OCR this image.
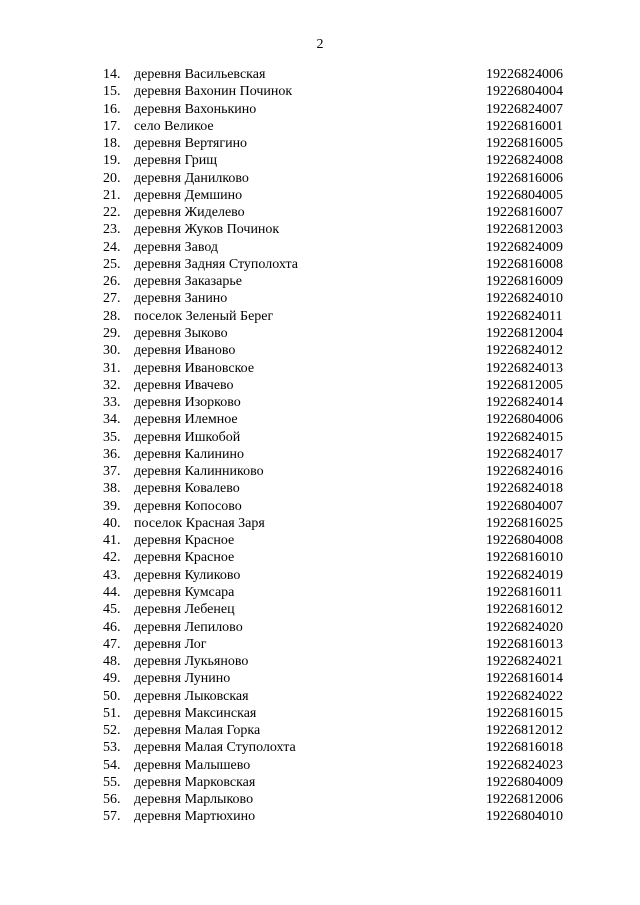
2
14. деревня Васильевская	19226824006
15. деревня Вахонин Починок	19226804004
16. деревня Вахонькино	19226824007
17. село Великое	19226816001
18. деревня Вертягино	19226816005
19. деревня Грищ	19226824008
20. деревня Данилково	19226816006
21. деревня Демшино	19226804005
22. деревня Жиделево	19226816007
23. деревня Жуков Починок	19226812003
24. деревня Завод	19226824009
25. деревня Задняя Ступолохта	19226816008
26. деревня Заказарье	19226816009
27. деревня Занино	19226824010
28. поселок Зеленый Берег	19226824011
29. деревня Зыково	19226812004
30. деревня Иваново	19226824012
31. деревня Ивановское	19226824013
32. деревня Ивачево	19226812005
33. деревня Изорково	19226824014
34. деревня Илемное	19226804006
35. деревня Ишкобой	19226824015
36. деревня Калинино	19226824017
37. деревня Калинниково	19226824016
38. деревня Ковалево	19226824018
39. деревня Копосово	19226804007
40. поселок Красная Заря	19226816025
41. деревня Красное	19226804008
42. деревня Красное	19226816010
43. деревня Куликово	19226824019
44. деревня Кумсара	19226816011
45. деревня Лебенец	19226816012
46. деревня Лепилово	19226824020
47. деревня Лог	19226816013
48. деревня Лукьяново	19226824021
49. деревня Лунино	19226816014
50. деревня Лыковская	19226824022
51. деревня Максинская	19226816015
52. деревня Малая Горка	19226812012
53. деревня Малая Ступолохта	19226816018
54. деревня Малышево	19226824023
55. деревня Марковская	19226804009
56. деревня Марлыково	19226812006
57. деревня Мартюхино	19226804010
